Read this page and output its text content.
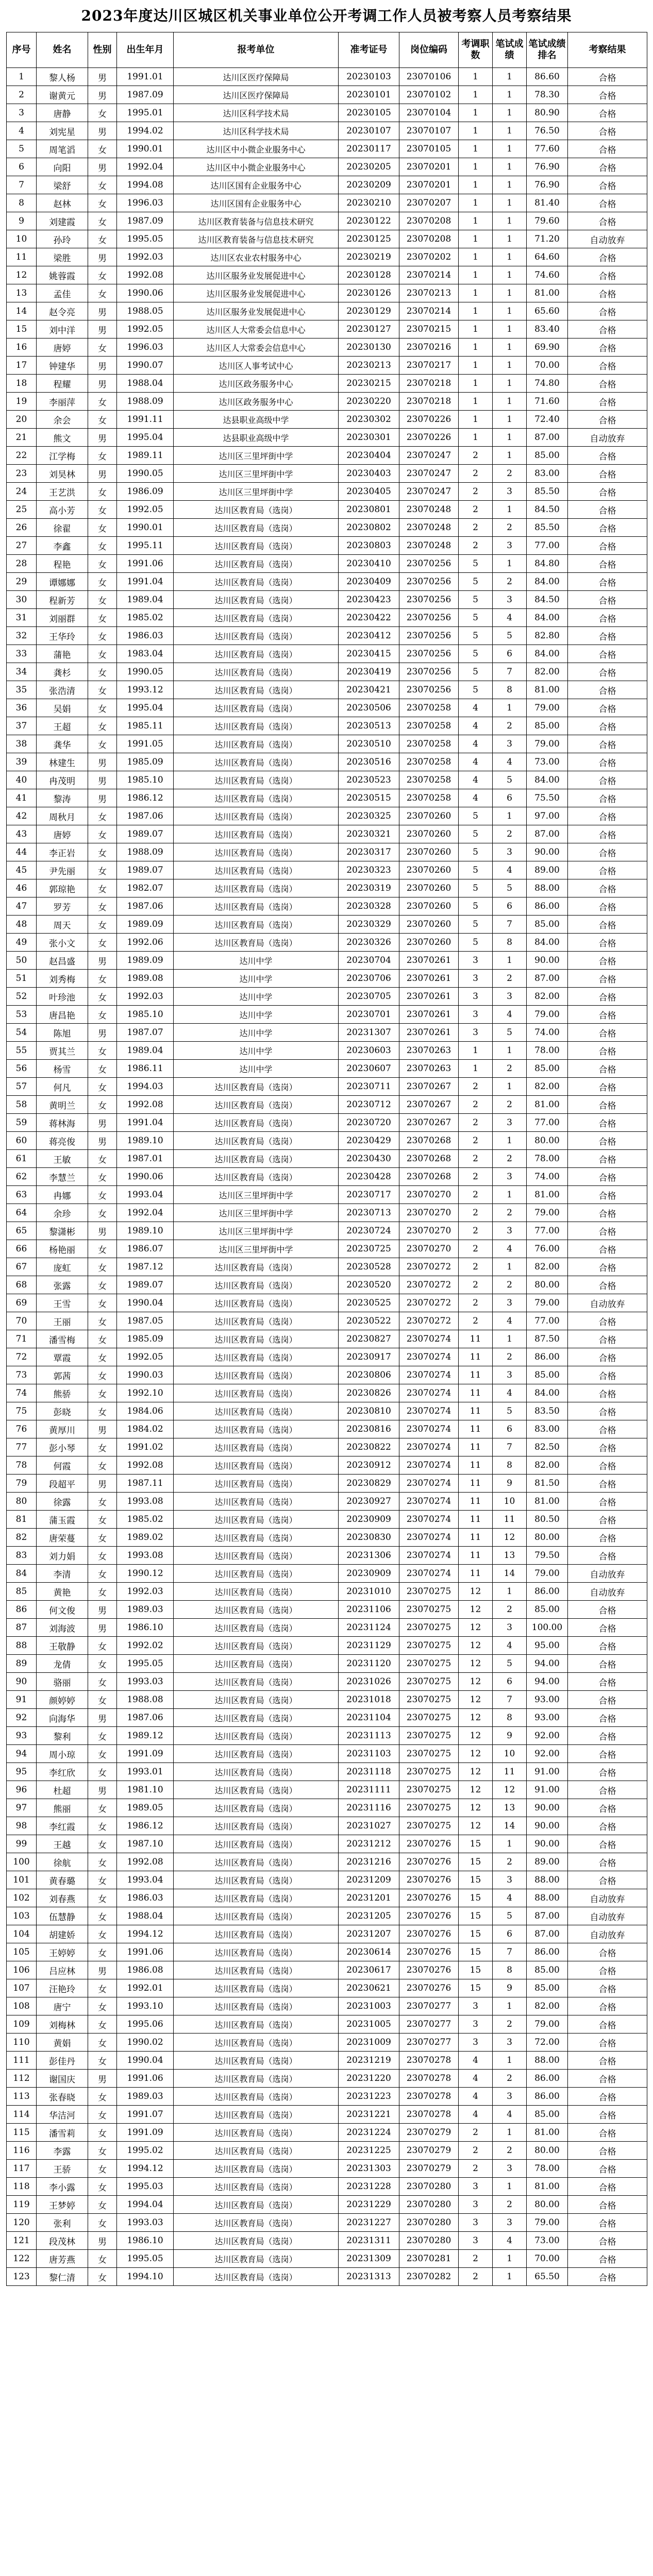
2023年度达川区城区机关事业单位公开考调工作人员被考察人员考察结果
序号	姓名	性别	出生年月	报考单位	准考证号	岗位编码	考调职数	笔试成绩	笔试成绩排名	考察结果
1	黎人杨	男	1991.01	达川区医疗保障局	20230103	23070106	1	1	86.60	合格
2	谢黄元	男	1987.09	达川区医疗保障局	20230101	23070102	1	1	78.30	合格
3	唐静	女	1995.01	达川区科学技术局	20230105	23070104	1	1	80.90	合格
4	刘宪星	男	1994.02	达川区科学技术局	20230107	23070107	1	1	76.50	合格
5	周笔滔	女	1990.01	达川区中小微企业服务中心	20230117	23070105	1	1	77.60	合格
6	向阳	男	1992.04	达川区中小微企业服务中心	20230205	23070201	1	1	76.90	合格
7	梁舒	女	1994.08	达川区国有企业服务中心	20230209	23070201	1	1	76.90	合格
8	赵林	女	1996.03	达川区国有企业服务中心	20230210	23070207	1	1	81.40	合格
9	刘建霞	女	1987.09	达川区教育装备与信息技术研究	20230122	23070208	1	1	79.60	合格
10	孙玲	女	1995.05	达川区教育装备与信息技术研究	20230125	23070208	1	1	71.20	自动放弃
11	梁胜	男	1992.03	达川区农业农村服务中心	20230219	23070202	1	1	64.60	合格
12	姚蓉霞	女	1992.08	达川区服务业发展促进中心	20230128	23070214	1	1	74.60	合格
13	孟佳	女	1990.06	达川区服务业发展促进中心	20230126	23070213	1	1	81.00	合格
14	赵令亮	男	1988.05	达川区服务业发展促进中心	20230129	23070214	1	1	65.60	合格
15	刘中洋	男	1992.05	达川区人大常委会信息中心	20230127	23070215	1	1	83.40	合格
16	唐婷	女	1996.03	达川区人大常委会信息中心	20230130	23070216	1	1	69.90	合格
17	钟建华	男	1990.07	达川区人事考试中心	20230213	23070217	1	1	70.00	合格
18	程耀	男	1988.04	达川区政务服务中心	20230215	23070218	1	1	74.80	合格
19	李丽萍	女	1988.09	达川区政务服务中心	20230220	23070218	1	1	71.60	合格
20	余会	女	1991.11	达县职业高级中学	20230302	23070226	1	1	72.40	合格
21	熊文	男	1995.04	达县职业高级中学	20230301	23070226	1	1	87.00	自动放弃
22	江学梅	女	1989.11	达川区三里坪街中学	20230404	23070247	2	1	85.00	合格
23	刘昊林	男	1990.05	达川区三里坪街中学	20230403	23070247	2	2	83.00	合格
24	王艺洪	女	1986.09	达川区三里坪街中学	20230405	23070247	2	3	85.50	合格
25	高小芳	女	1992.05	达川区教育局（选岗）	20230801	23070248	2	1	84.50	合格
26	徐翟	女	1990.01	达川区教育局（选岗）	20230802	23070248	2	2	85.50	合格
27	李鑫	女	1995.11	达川区教育局（选岗）	20230803	23070248	2	3	77.00	合格
28	程艳	女	1991.06	达川区教育局（选岗）	20230410	23070256	5	1	84.80	合格
29	谭娜娜	女	1991.04	达川区教育局（选岗）	20230409	23070256	5	2	84.00	合格
30	程新芳	女	1989.04	达川区教育局（选岗）	20230423	23070256	5	3	84.50	合格
31	刘丽群	女	1985.02	达川区教育局（选岗）	20230422	23070256	5	4	84.00	合格
32	王华玲	女	1986.03	达川区教育局（选岗）	20230412	23070256	5	5	82.80	合格
33	蒲艳	女	1983.04	达川区教育局（选岗）	20230415	23070256	5	6	84.00	合格
34	龚杉	女	1990.05	达川区教育局（选岗）	20230419	23070256	5	7	82.00	合格
35	张浩清	女	1993.12	达川区教育局（选岗）	20230421	23070256	5	8	81.00	合格
36	吴娟	女	1995.04	达川区教育局（选岗）	20230506	23070258	4	1	79.00	合格
37	王超	女	1985.11	达川区教育局（选岗）	20230513	23070258	4	2	85.00	合格
38	龚华	女	1991.05	达川区教育局（选岗）	20230510	23070258	4	3	79.00	合格
39	林建生	男	1985.09	达川区教育局（选岗）	20230516	23070258	4	4	73.00	合格
40	冉茂明	男	1985.10	达川区教育局（选岗）	20230523	23070258	4	5	84.00	合格
41	黎涛	男	1986.12	达川区教育局（选岗）	20230515	23070258	4	6	75.50	合格
42	周秋月	女	1987.06	达川区教育局（选岗）	20230325	23070260	5	1	97.00	合格
43	唐婷	女	1989.07	达川区教育局（选岗）	20230321	23070260	5	2	87.00	合格
44	李正岩	女	1988.09	达川区教育局（选岗）	20230317	23070260	5	3	90.00	合格
45	尹先丽	女	1989.07	达川区教育局（选岗）	20230323	23070260	5	4	89.00	合格
46	郭琼艳	女	1982.07	达川区教育局（选岗）	20230319	23070260	5	5	88.00	合格
47	罗芳	女	1987.06	达川区教育局（选岗）	20230328	23070260	5	6	86.00	合格
48	周天	女	1989.09	达川区教育局（选岗）	20230329	23070260	5	7	85.00	合格
49	张小文	女	1992.06	达川区教育局（选岗）	20230326	23070260	5	8	84.00	合格
50	赵昌盛	男	1989.09	达川中学	20230704	23070261	3	1	90.00	合格
51	刘秀梅	女	1989.08	达川中学	20230706	23070261	3	2	87.00	合格
52	叶珍池	女	1992.03	达川中学	20230705	23070261	3	3	82.00	合格
53	唐昌艳	女	1985.10	达川中学	20230701	23070261	3	4	79.00	合格
54	陈旭	男	1987.07	达川中学	20231307	23070261	3	5	74.00	合格
55	贾其兰	女	1989.04	达川中学	20230603	23070263	1	1	78.00	合格
56	杨雪	女	1986.11	达川中学	20230607	23070263	1	2	85.00	合格
57	何凡	女	1994.03	达川区教育局（选岗）	20230711	23070267	2	1	82.00	合格
58	黄明兰	女	1992.08	达川区教育局（选岗）	20230712	23070267	2	2	81.00	合格
59	蒋林海	男	1991.04	达川区教育局（选岗）	20230720	23070267	2	3	77.00	合格
60	蒋亮俊	男	1989.10	达川区教育局（选岗）	20230429	23070268	2	1	80.00	合格
61	王敏	女	1987.01	达川区教育局（选岗）	20230430	23070268	2	2	78.00	合格
62	李慧兰	女	1990.06	达川区教育局（选岗）	20230428	23070268	2	3	74.00	合格
63	冉娜	女	1993.04	达川区三里坪街中学	20230717	23070270	2	1	81.00	合格
64	余珍	女	1992.04	达川区三里坪街中学	20230713	23070270	2	2	79.00	合格
65	黎潇彬	男	1989.10	达川区三里坪街中学	20230724	23070270	2	3	77.00	合格
66	杨艳丽	女	1986.07	达川区三里坪街中学	20230725	23070270	2	4	76.00	合格
67	庞虹	女	1987.12	达川区教育局（选岗）	20230528	23070272	2	1	82.00	合格
68	张露	女	1989.07	达川区教育局（选岗）	20230520	23070272	2	2	80.00	合格
69	王雪	女	1990.04	达川区教育局（选岗）	20230525	23070272	2	3	79.00	自动放弃
70	王丽	女	1987.05	达川区教育局（选岗）	20230522	23070272	2	4	77.00	合格
71	潘雪梅	女	1985.09	达川区教育局（选岗）	20230827	23070274	11	1	87.50	合格
72	覃霞	女	1992.05	达川区教育局（选岗）	20230917	23070274	11	2	86.00	合格
73	郭茜	女	1990.03	达川区教育局（选岗）	20230806	23070274	11	3	85.00	合格
74	熊骄	女	1992.10	达川区教育局（选岗）	20230826	23070274	11	4	84.00	合格
75	彭晓	女	1984.06	达川区教育局（选岗）	20230810	23070274	11	5	83.50	合格
76	黄厚川	男	1984.02	达川区教育局（选岗）	20230816	23070274	11	6	83.00	合格
77	彭小琴	女	1991.02	达川区教育局（选岗）	20230822	23070274	11	7	82.50	合格
78	何霞	女	1992.08	达川区教育局（选岗）	20230912	23070274	11	8	82.00	合格
79	段超平	男	1987.11	达川区教育局（选岗）	20230829	23070274	11	9	81.50	合格
80	徐露	女	1993.08	达川区教育局（选岗）	20230927	23070274	11	10	81.00	合格
81	蒲玉霞	女	1985.02	达川区教育局（选岗）	20230909	23070274	11	11	80.50	合格
82	唐荣蔓	女	1989.02	达川区教育局（选岗）	20230830	23070274	11	12	80.00	合格
83	刘力娟	女	1993.08	达川区教育局（选岗）	20231306	23070274	11	13	79.50	合格
84	李清	女	1990.12	达川区教育局（选岗）	20230909	23070274	11	14	79.00	自动放弃
85	黄艳	女	1992.03	达川区教育局（选岗）	20231010	23070275	12	1	86.00	自动放弃
86	何文俊	男	1989.03	达川区教育局（选岗）	20231106	23070275	12	2	85.00	合格
87	刘海波	男	1986.10	达川区教育局（选岗）	20231124	23070275	12	3	100.00	合格
88	王敬静	女	1992.02	达川区教育局（选岗）	20231129	23070275	12	4	95.00	合格
89	龙倩	女	1995.05	达川区教育局（选岗）	20231120	23070275	12	5	94.00	合格
90	骆丽	女	1993.03	达川区教育局（选岗）	20231026	23070275	12	6	94.00	合格
91	颜婷婷	女	1988.08	达川区教育局（选岗）	20231018	23070275	12	7	93.00	合格
92	向海华	男	1987.06	达川区教育局（选岗）	20231104	23070275	12	8	93.00	合格
93	黎利	女	1989.12	达川区教育局（选岗）	20231113	23070275	12	9	92.00	合格
94	周小琼	女	1991.09	达川区教育局（选岗）	20231103	23070275	12	10	92.00	合格
95	李红欣	女	1993.01	达川区教育局（选岗）	20231118	23070275	12	11	91.00	合格
96	杜超	男	1981.10	达川区教育局（选岗）	20231111	23070275	12	12	91.00	合格
97	熊丽	女	1989.05	达川区教育局（选岗）	20231116	23070275	12	13	90.00	合格
98	李红霞	女	1986.12	达川区教育局（选岗）	20231027	23070275	12	14	90.00	合格
99	王越	女	1987.10	达川区教育局（选岗）	20231212	23070276	15	1	90.00	合格
100	徐航	女	1992.08	达川区教育局（选岗）	20231216	23070276	15	2	89.00	合格
101	黄春璐	女	1993.04	达川区教育局（选岗）	20231209	23070276	15	3	88.00	合格
102	刘春燕	女	1986.03	达川区教育局（选岗）	20231201	23070276	15	4	88.00	自动放弃
103	伍慧静	女	1988.04	达川区教育局（选岗）	20231205	23070276	15	5	87.00	自动放弃
104	胡建娇	女	1994.12	达川区教育局（选岗）	20231207	23070276	15	6	87.00	自动放弃
105	王婷婷	女	1991.06	达川区教育局（选岗）	20230614	23070276	15	7	86.00	合格
106	吕应林	男	1986.08	达川区教育局（选岗）	20230617	23070276	15	8	85.00	合格
107	汪艳玲	女	1992.01	达川区教育局（选岗）	20230621	23070276	15	9	85.00	合格
108	唐宁	女	1993.10	达川区教育局（选岗）	20231003	23070277	3	1	82.00	合格
109	刘梅林	女	1995.06	达川区教育局（选岗）	20231005	23070277	3	2	79.00	合格
110	黄娟	女	1990.02	达川区教育局（选岗）	20231009	23070277	3	3	72.00	合格
111	彭佳丹	女	1990.04	达川区教育局（选岗）	20231219	23070278	4	1	88.00	合格
112	谢国庆	男	1991.06	达川区教育局（选岗）	20231220	23070278	4	2	86.00	合格
113	张春晓	女	1989.03	达川区教育局（选岗）	20231223	23070278	4	3	86.00	合格
114	华洁河	女	1991.07	达川区教育局（选岗）	20231221	23070278	4	4	85.00	合格
115	潘雪莉	女	1991.09	达川区教育局（选岗）	20231224	23070279	2	1	81.00	合格
116	李露	女	1995.02	达川区教育局（选岗）	20231225	23070279	2	2	80.00	合格
117	王骄	女	1994.12	达川区教育局（选岗）	20231303	23070279	2	3	78.00	合格
118	李小露	女	1995.03	达川区教育局（选岗）	20231228	23070280	3	1	81.00	合格
119	王梦婷	女	1994.04	达川区教育局（选岗）	20231229	23070280	3	2	80.00	合格
120	张利	女	1993.03	达川区教育局（选岗）	20231227	23070280	3	3	79.00	合格
121	段茂林	男	1986.10	达川区教育局（选岗）	20231311	23070280	3	4	73.00	合格
122	唐芳燕	女	1995.05	达川区教育局（选岗）	20231309	23070281	2	1	70.00	合格
123	黎仁清	女	1994.10	达川区教育局（选岗）	20231313	23070282	2	1	65.50	合格
